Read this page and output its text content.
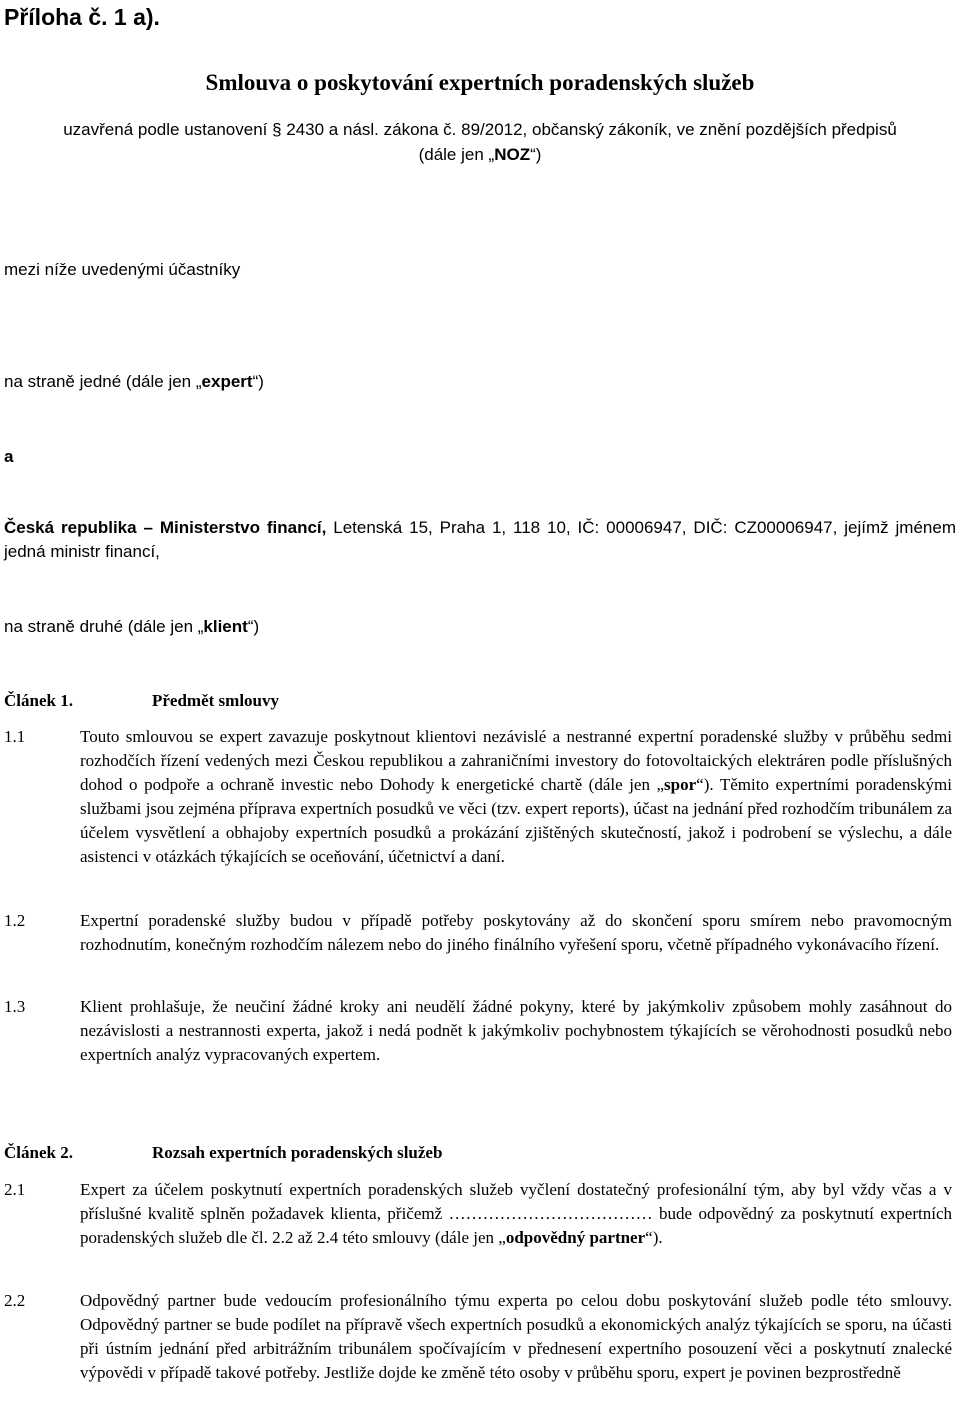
Příloha č. 1 a).
Smlouva o poskytování expertních poradenských služeb
uzavřená podle ustanovení § 2430 a násl. zákona č. 89/2012, občanský zákoník, ve znění pozdějších předpisů
(dále jen „NOZ“)
mezi níže uvedenými účastníky
na straně jedné (dále jen „expert“)
a
Česká republika – Ministerstvo financí, Letenská 15, Praha 1, 118 10, IČ: 00006947, DIČ: CZ00006947, jejímž jménem jedná ministr financí,
na straně druhé (dále jen „klient“)
Článek 1.	Předmět smlouvy
1.1	Touto smlouvou se expert zavazuje poskytnout klientovi nezávislé a nestranné expertní poradenské služby v průběhu sedmi rozhodčích řízení vedených mezi Českou republikou a zahraničními investory do fotovoltaických elektráren podle příslušných dohod o podpoře a ochraně investic nebo Dohody k energetické chartě (dále jen „spor“). Těmito expertními poradenskými službami jsou zejména příprava expertních posudků ve věci (tzv. expert reports), účast na jednání před rozhodčím tribunálem za účelem vysvětlení a obhajoby expertních posudků a prokázání zjištěných skutečností, jakož i podrobení se výslechu, a dále asistenci v otázkách týkajících se oceňování, účetnictví a daní.
1.2	Expertní poradenské služby budou v případě potřeby poskytovány až do skončení sporu smírem nebo pravomocným rozhodnutím, konečným rozhodčím nálezem nebo do jiného finálního vyřešení sporu, včetně případného vykonávacího řízení.
1.3	Klient prohlašuje, že neučiní žádné kroky ani neudělí žádné pokyny, které by jakýmkoliv způsobem mohly zasáhnout do nezávislosti a nestrannosti experta, jakož i nedá podnět k jakýmkoliv pochybnostem týkajících se věrohodnosti posudků nebo expertních analýz vypracovaných expertem.
Článek 2.	Rozsah expertních poradenských služeb
2.1	Expert za účelem poskytnutí expertních poradenských služeb vyčlení dostatečný profesionální tým, aby byl vždy včas a v příslušné kvalitě splněn požadavek klienta, přičemž ……………………………… bude odpovědný za poskytnutí expertních poradenských služeb dle čl. 2.2 až 2.4 této smlouvy (dále jen „odpovědný partner“).
2.2	Odpovědný partner bude vedoucím profesionálního týmu experta po celou dobu poskytování služeb podle této smlouvy. Odpovědný partner se bude podílet na přípravě všech expertních posudků a ekonomických analýz týkajících se sporu, na účasti při ústním jednání před arbitrážním tribunálem spočívajícím v přednesení expertního posouzení věci a poskytnutí znalecké výpovědi v případě takové potřeby. Jestliže dojde ke změně této osoby v průběhu sporu, expert je povinen bezprostředně
